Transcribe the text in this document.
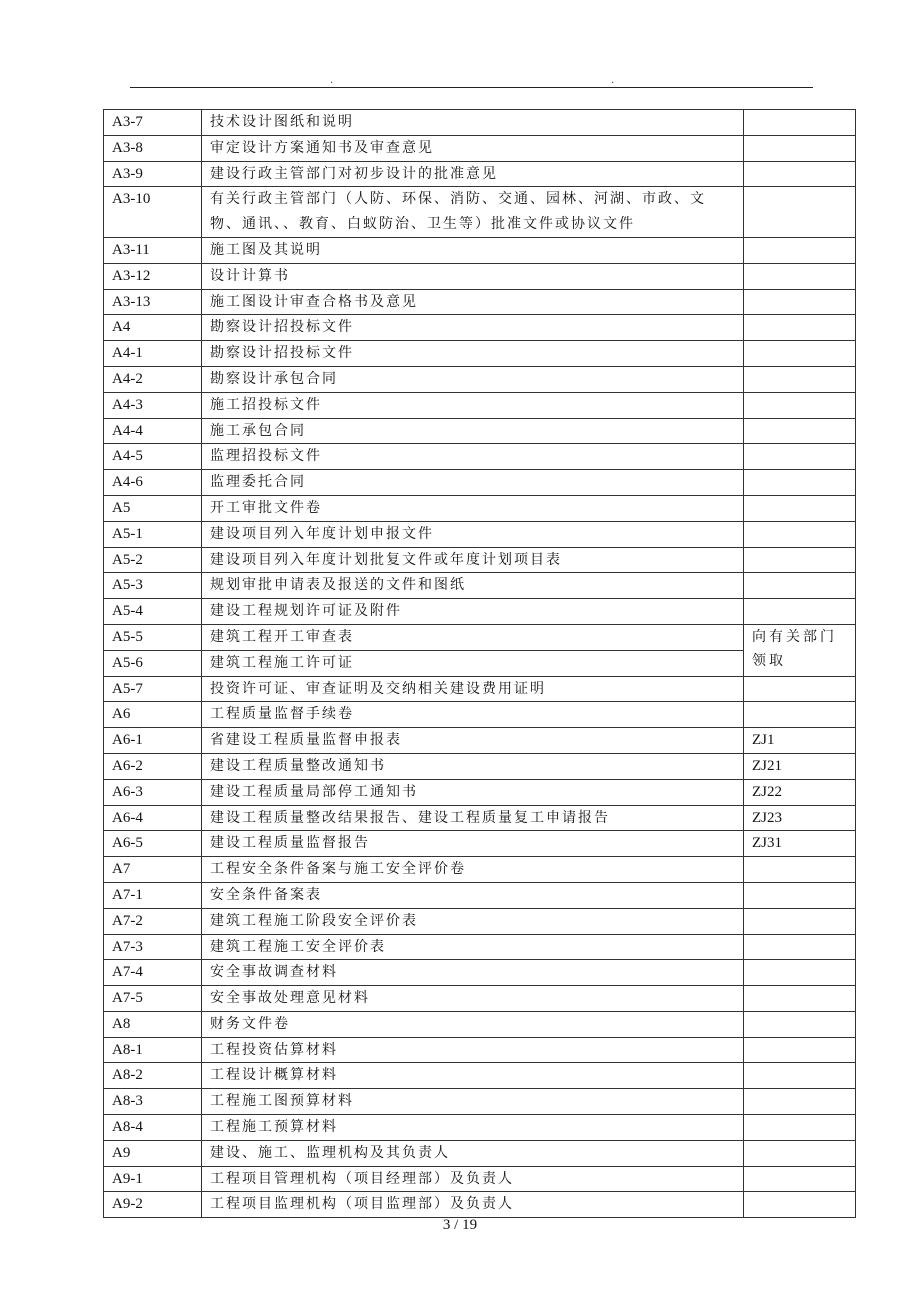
.	.
A3-7	技术设计图纸和说明	
A3-8	审定设计方案通知书及审查意见	
A3-9	建设行政主管部门对初步设计的批准意见	
A3-10	有关行政主管部门（人防、环保、消防、交通、园林、河湖、市政、文物、通讯、、教育、白蚁防治、卫生等）批准文件或协议文件	
A3-11	施工图及其说明	
A3-12	设计计算书	
A3-13	施工图设计审查合格书及意见	
A4	勘察设计招投标文件	
A4-1	勘察设计招投标文件	
A4-2	勘察设计承包合同	
A4-3	施工招投标文件	
A4-4	施工承包合同	
A4-5	监理招投标文件	
A4-6	监理委托合同	
A5	开工审批文件卷	
A5-1	建设项目列入年度计划申报文件	
A5-2	建设项目列入年度计划批复文件或年度计划项目表	
A5-3	规划审批申请表及报送的文件和图纸	
A5-4	建设工程规划许可证及附件	
A5-5	建筑工程开工审查表	向有关部门领取
A5-6	建筑工程施工许可证	
A5-7	投资许可证、审查证明及交纳相关建设费用证明	
A6	工程质量监督手续卷	
A6-1	省建设工程质量监督申报表	ZJ1
A6-2	建设工程质量整改通知书	ZJ21
A6-3	建设工程质量局部停工通知书	ZJ22
A6-4	建设工程质量整改结果报告、建设工程质量复工申请报告	ZJ23
A6-5	建设工程质量监督报告	ZJ31
A7	工程安全条件备案与施工安全评价卷	
A7-1	安全条件备案表	
A7-2	建筑工程施工阶段安全评价表	
A7-3	建筑工程施工安全评价表	
A7-4	安全事故调查材料	
A7-5	安全事故处理意见材料	
A8	财务文件卷	
A8-1	工程投资估算材料	
A8-2	工程设计概算材料	
A8-3	工程施工图预算材料	
A8-4	工程施工预算材料	
A9	建设、施工、监理机构及其负责人	
A9-1	工程项目管理机构（项目经理部）及负责人	
A9-2	工程项目监理机构（项目监理部）及负责人	
3 / 19
